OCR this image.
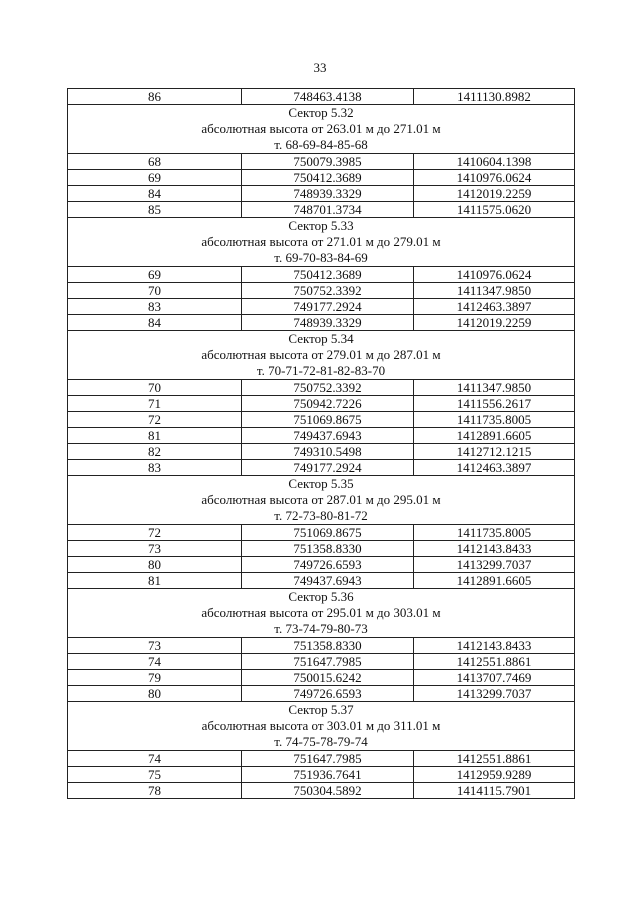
33
86	748463.4138	1411130.8982

Сектор 5.32
абсолютная высота от 263.01 м до 271.01 м
т. 68-69-84-85-68		

68	750079.3985	1410604.1398
69	750412.3689	1410976.0624
84	748939.3329	1412019.2259
85	748701.3734	1411575.0620

Сектор 5.33
абсолютная высота от 271.01 м до 279.01 м
т. 69-70-83-84-69		

69	750412.3689	1410976.0624
70	750752.3392	1411347.9850
83	749177.2924	1412463.3897
84	748939.3329	1412019.2259

Сектор 5.34
абсолютная высота от 279.01 м до 287.01 м
т. 70-71-72-81-82-83-70		

70	750752.3392	1411347.9850
71	750942.7226	1411556.2617
72	751069.8675	1411735.8005
81	749437.6943	1412891.6605
82	749310.5498	1412712.1215
83	749177.2924	1412463.3897

Сектор 5.35
абсолютная высота от 287.01 м до 295.01 м
т. 72-73-80-81-72		

72	751069.8675	1411735.8005
73	751358.8330	1412143.8433
80	749726.6593	1413299.7037
81	749437.6943	1412891.6605

Сектор 5.36
абсолютная высота от 295.01 м до 303.01 м
т. 73-74-79-80-73		

73	751358.8330	1412143.8433
74	751647.7985	1412551.8861
79	750015.6242	1413707.7469
80	749726.6593	1413299.7037

Сектор 5.37
абсолютная высота от 303.01 м до 311.01 м
т. 74-75-78-79-74		

74	751647.7985	1412551.8861
75	751936.7641	1412959.9289
78	750304.5892	1414115.7901
